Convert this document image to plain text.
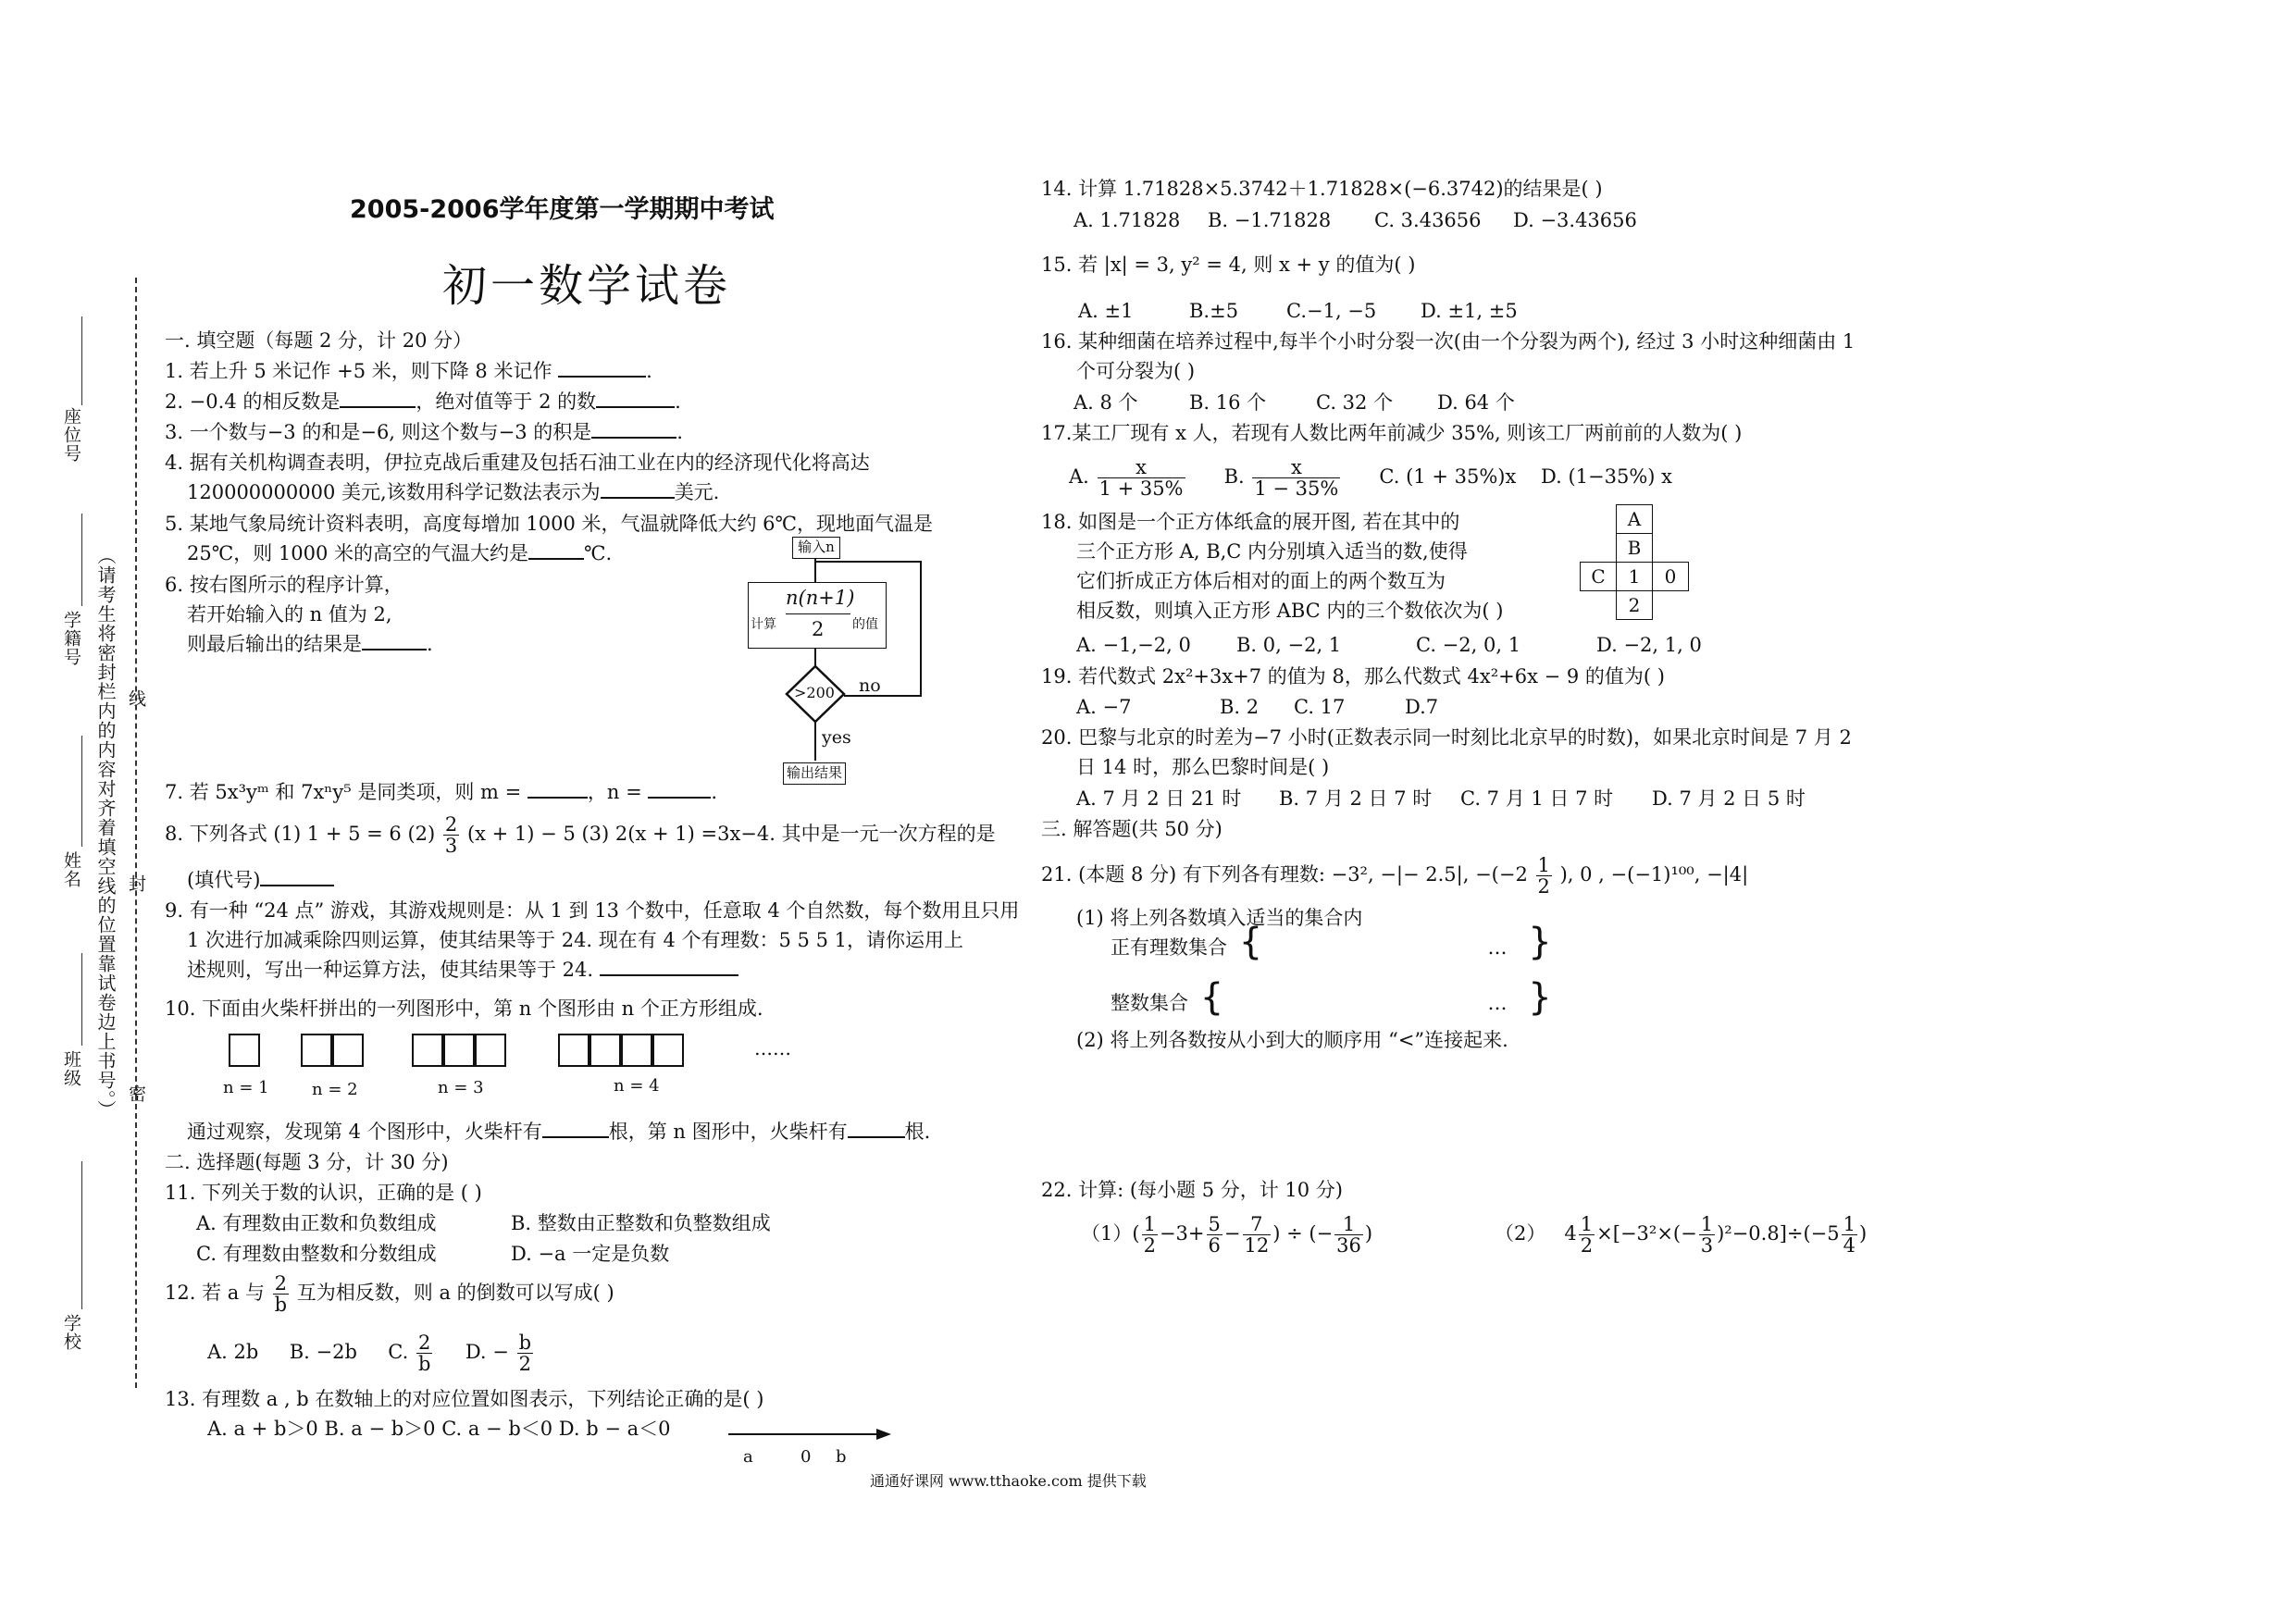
2005-2006学年度第一学期期中考试
初一数学试卷
座位号
学籍号
姓名
班级
学校
（请考生将密封栏内的内容对齐着填空线的位置靠试卷边上书号。） 密
封
线
一. 填空题（每题 2 分，计 20 分）
1. 若上升 5 米记作 +5 米，则下降 8 米记作	.
2. −0.4 的相反数是	，绝对值等于 2 的数	.
3. 一个数与−3 的和是−6, 则这个数与−3 的积是	.
4. 据有关机构调查表明，伊拉克战后重建及包括石油工业在内的经济现代化将高达
120000000000 美元,该数用科学记数法表示为	美元.
5. 某地气象局统计资料表明，高度每增加 1000 米，气温就降低大约 6℃，现地面气温是
25℃，则 1000 米的高空的气温大约是	℃.
6. 按右图所示的程序计算，
若开始输入的 n 值为 2,
则最后输出的结果是	.
输入n
计算
n(n+1)
2 的值
>200 no
yes
输出结果
7. 若 5x³yᵐ 和 7xⁿy⁵ 是同类项，则 m =	，n =	.
8. 下列各式 (1) 1 + 5 = 6 $(2) \frac{2}{3} (x + 1) - 5$ (3) 2(x + 1) =3x−4. 其中是一元一次方程的是
(填代号)
9. 有一种 “24 点” 游戏，其游戏规则是：从 1 到 13 个数中，任意取 4 个自然数，每个数用且只用
1 次进行加减乘除四则运算，使其结果等于 24. 现在有 4 个有理数：5 5 5 1，请你运用上
述规则，写出一种运算方法，使其结果等于 24.
10. 下面由火柴杆拼出的一列图形中，第 n 个图形由 n 个正方形组成.
……
n = 1	n = 2	n = 3	n = 4
通过观察，发现第 4 个图形中，火柴杆有	根，第 n 图形中，火柴杆有	根.
二. 选择题(每题 3 分，计 30 分)
11. 下列关于数的认识，正确的是 ( )
A. 有理数由正数和负数组成	B. 整数由正整数和负整数组成
C. 有理数由整数和分数组成	D. −a 一定是负数
12. 若 a 与 $\frac{2}{b}$ 互为相反数，则 a 的倒数可以写成( )
A. 2b B. −2b C. $\frac{2}{b} D$. − $\frac{b}{2}$
13. 有理数 a , b 在数轴上的对应位置如图表示，下列结论正确的是( )
A. a + b＞0 B. a − b＞0 C. a − b＜0 D. b − a＜0
a	0 b
通通好课网 www.tthaoke.com 提供下载
14. 计算 1.71828×5.3742＋1.71828×(−6.3742)的结果是( )
A. 1.71828 B. −1.71828 C. 3.43656 D. −3.43656
15. 若 |x| = 3, y² = 4, 则 x + y 的值为( )
A. ±1	B.±5 C.−1, −5 D. ±1, ±5
16. 某种细菌在培养过程中,每半个小时分裂一次(由一个分裂为两个), 经过 3 小时这种细菌由 1
个可分裂为( )
A. 8 个	B. 16 个	C. 32 个 D. 64 个
17.某工厂现有 x 人，若现有人数比两年前减少 35%, 则该工厂两前前的人数为( )
A. $\frac{x}{1 + 35\%} B$. $\frac{x}{1 - 35\%} C$. (1 + 35%)x D. (1−35%) x
18. 如图是一个正方体纸盒的展开图, 若在其中的
三个正方形 A, B,C 内分别填入适当的数,使得
它们折成正方体后相对的面上的两个数互为
相反数，则填入正方形 ABC 内的三个数依次为( )
A. −1,−2, 0 B. 0, −2, 1	C. −2, 0, 1	D. −2, 1, 0
A
B
C	1	0
2
19. 若代数式 2x²+3x+7 的值为 8，那么代数式 4x²+6x − 9 的值为( )
A. −7	B. 2 C. 17	D.7
20. 巴黎与北京的时差为−7 小时(正数表示同一时刻比北京早的时数)，如果北京时间是 7 月 2
日 14 时，那么巴黎时间是( )
A. 7 月 2 日 21 时 B. 7 月 2 日 7 时 C. 7 月 1 日 7 时 D. 7 月 2 日 5 时
三. 解答题(共 50 分)
21. (本题 8 分) 有下列各有理数: −3², −|− 2.5|, $-(-2 \frac{1}{2}$ ), 0 , −(−1)¹⁰⁰, −|4|
(1) 将上列各数填入适当的集合内
正有理数集合 {	… }
整数集合 {	… }
(2) 将上列各数按从小到大的顺序用 “<”连接起来.
22. 计算: (每小题 5 分，计 10 分)
$(1)( \frac{1}{2} -3+ \frac{5}{6} - \frac{7}{12}$ ) ÷ (− $\frac{1}{36}$ )	（2） $4 \frac{1}{2} \times[-3^2\times(- \frac{1}{3} )^2-0.8]\div(-5 \frac{1}{4}$ )
